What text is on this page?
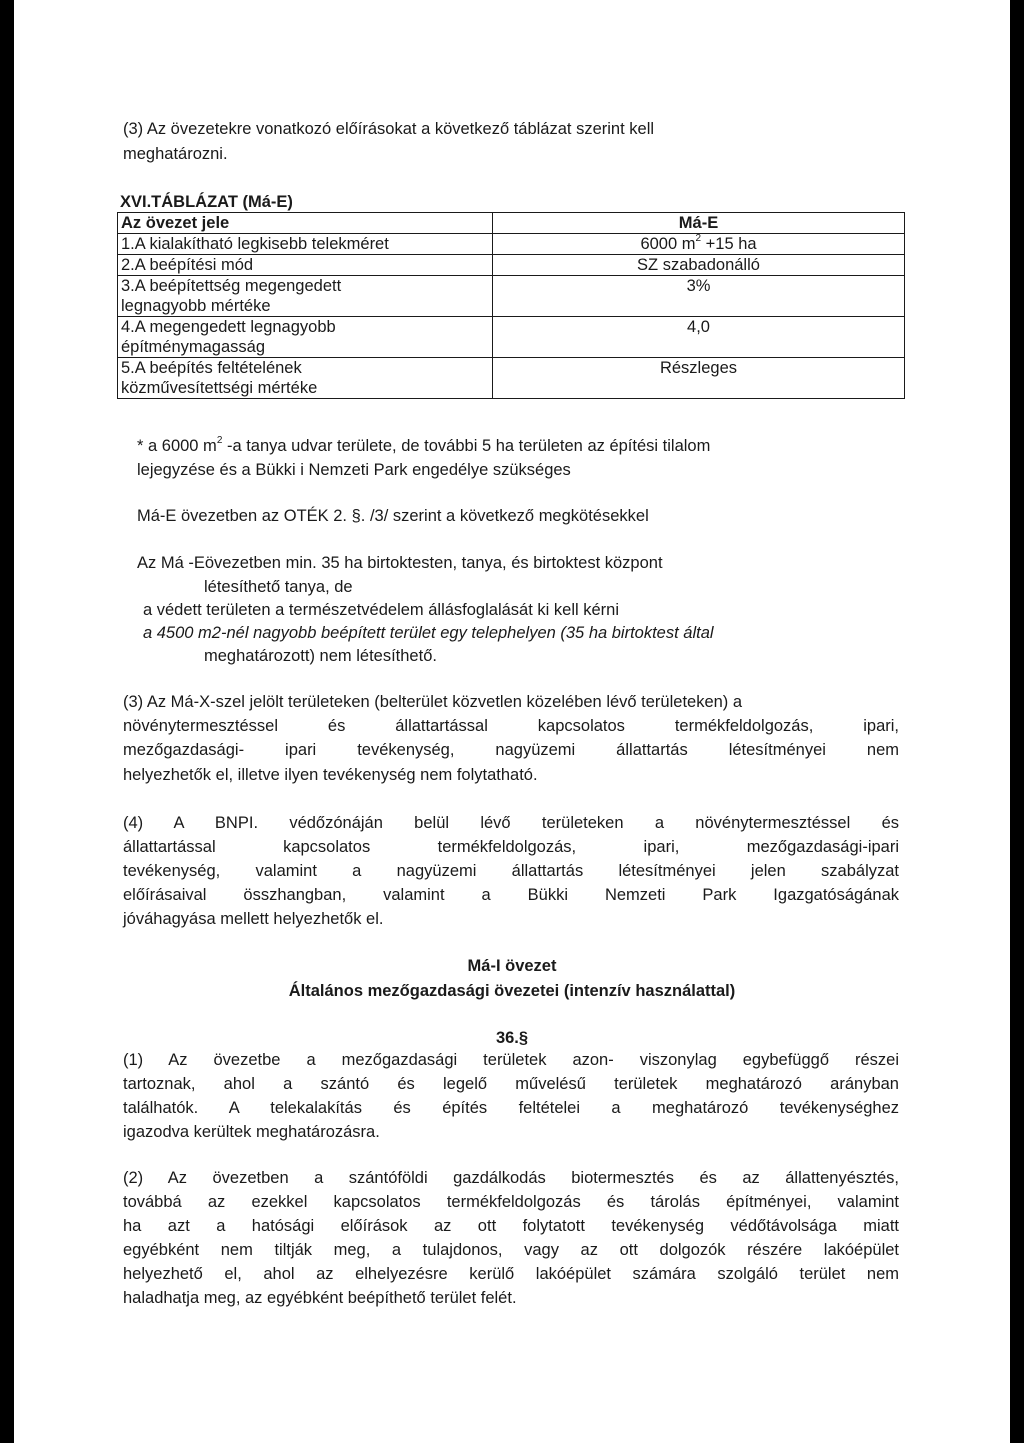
(3) Az övezetekre vonatkozó előírásokat a következő táblázat szerint kell
meghatározni.
XVI.TÁBLÁZAT (Má-E)
Az övezet jele	Má-E
1.A kialakítható legkisebb telekméret	6000 $m^2 +15$ ha
2.A beépítési mód	SZ szabadonálló
3.A beépítettség megengedett
legnagyobb mértéke	3%
4.A megengedett legnagyobb
építménymagasság	4,0
5.A beépítés feltételének
közművesítettségi mértéke	Részleges
* a 6000 $m^2$ -a tanya udvar területe, de további 5 ha területen az építési tilalom
lejegyzése és a Bükki i Nemzeti Park engedélye szükséges
Má-E övezetben az OTÉK 2. §. /3/ szerint a következő megkötésekkel
Az Má -Eövezetben min. 35 ha birtoktesten, tanya, és birtoktest központ
létesíthető tanya, de
a védett területen a természetvédelem állásfoglalását ki kell kérni
a 4500 m2-nél nagyobb beépített terület egy telephelyen (35 ha birtoktest által
meghatározott) nem létesíthető.
(3) Az Má-X-szel jelölt területeken (belterület közvetlen közelében lévő területeken) a
növénytermesztéssel és állattartással kapcsolatos termékfeldolgozás, ipari,
mezőgazdasági- ipari tevékenység, nagyüzemi állattartás létesítményei nem
helyezhetők el, illetve ilyen tevékenység nem folytatható.
(4) A BNPI. védőzónáján belül lévő területeken a növénytermesztéssel és
állattartással kapcsolatos termékfeldolgozás, ipari, mezőgazdasági-ipari
tevékenység, valamint a nagyüzemi állattartás létesítményei jelen szabályzat
előírásaival összhangban, valamint a Bükki Nemzeti Park Igazgatóságának
jóváhagyása mellett helyezhetők el.
Má-I övezet
Általános mezőgazdasági övezetei (intenzív használattal)
36.§
(1) Az övezetbe a mezőgazdasági területek azon- viszonylag egybefüggő részei
tartoznak, ahol a szántó és legelő művelésű területek meghatározó arányban
találhatók. A telekalakítás és építés feltételei a meghatározó tevékenységhez
igazodva kerültek meghatározásra.
(2) Az övezetben a szántóföldi gazdálkodás biotermesztés és az állattenyésztés,
továbbá az ezekkel kapcsolatos termékfeldolgozás és tárolás építményei, valamint
ha azt a hatósági előírások az ott folytatott tevékenység védőtávolsága miatt
egyébként nem tiltják meg, a tulajdonos, vagy az ott dolgozók részére lakóépület
helyezhető el, ahol az elhelyezésre kerülő lakóépület számára szolgáló terület nem
haladhatja meg, az egyébként beépíthető terület felét.
